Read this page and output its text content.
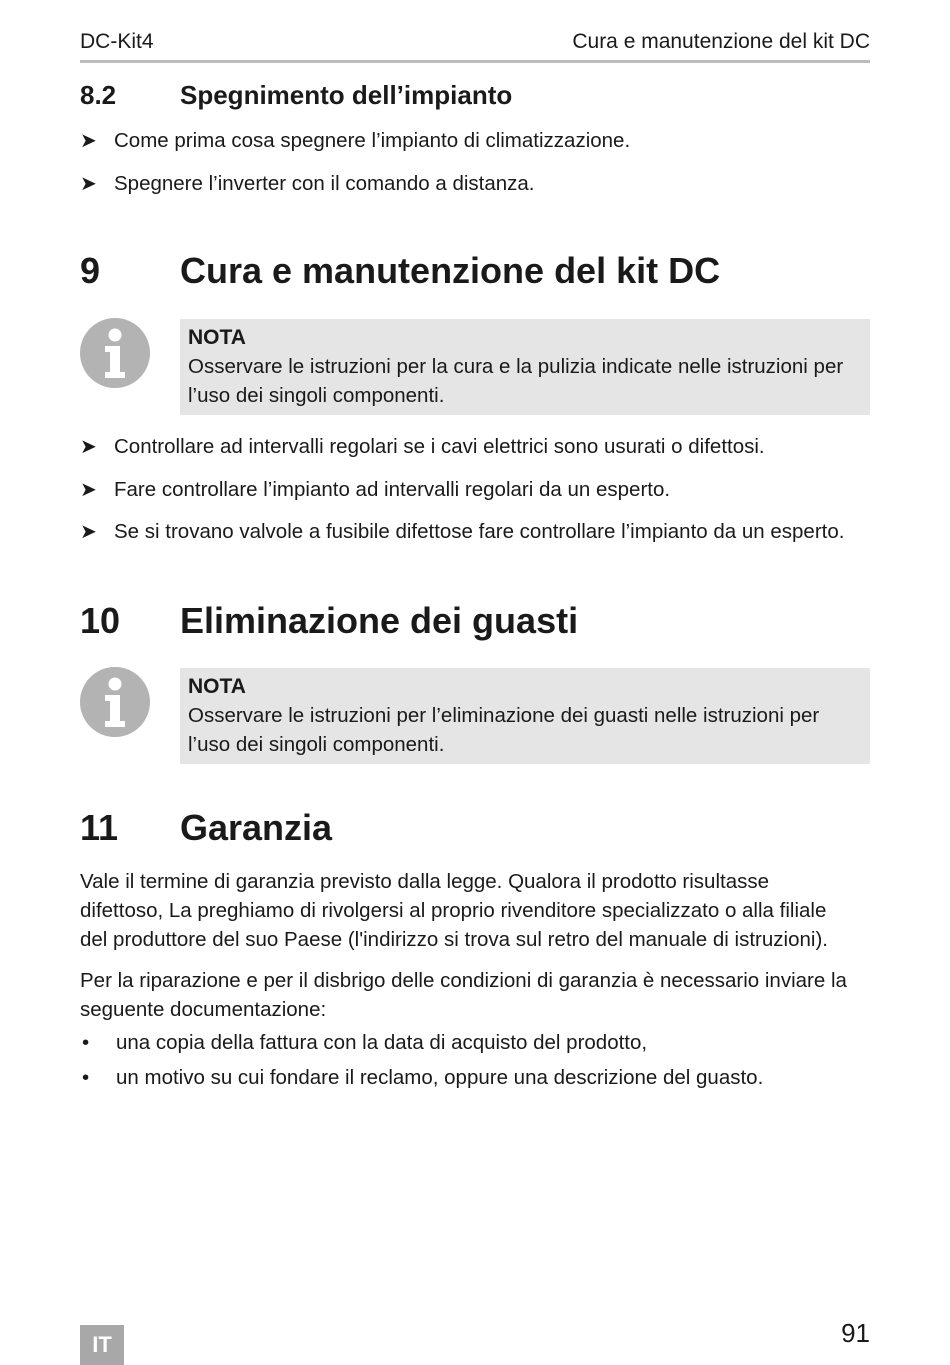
DC-Kit4	Cura e manutenzione del kit DC
8.2 Spegnimento dell’impianto
➤ Come prima cosa spegnere l’impianto di climatizzazione.
➤ Spegnere l’inverter con il comando a distanza.
9 Cura e manutenzione del kit DC
NOTA
Osservare le istruzioni per la cura e la pulizia indicate nelle istruzioni per
l’uso dei singoli componenti.
➤ Controllare ad intervalli regolari se i cavi elettrici sono usurati o difettosi.
➤ Fare controllare l’impianto ad intervalli regolari da un esperto.
➤ Se si trovano valvole a fusibile difettose fare controllare l’impianto da un esperto.
10 Eliminazione dei guasti
NOTA
Osservare le istruzioni per l’eliminazione dei guasti nelle istruzioni per
l’uso dei singoli componenti.
11 Garanzia
Vale il termine di garanzia previsto dalla legge. Qualora il prodotto risultasse
difettoso, La preghiamo di rivolgersi al proprio rivenditore specializzato o alla filiale
del produttore del suo Paese (l'indirizzo si trova sul retro del manuale di istruzioni).
Per la riparazione e per il disbrigo delle condizioni di garanzia è necessario inviare la
seguente documentazione:
• una copia della fattura con la data di acquisto del prodotto,
• un motivo su cui fondare il reclamo, oppure una descrizione del guasto.
91
IT
